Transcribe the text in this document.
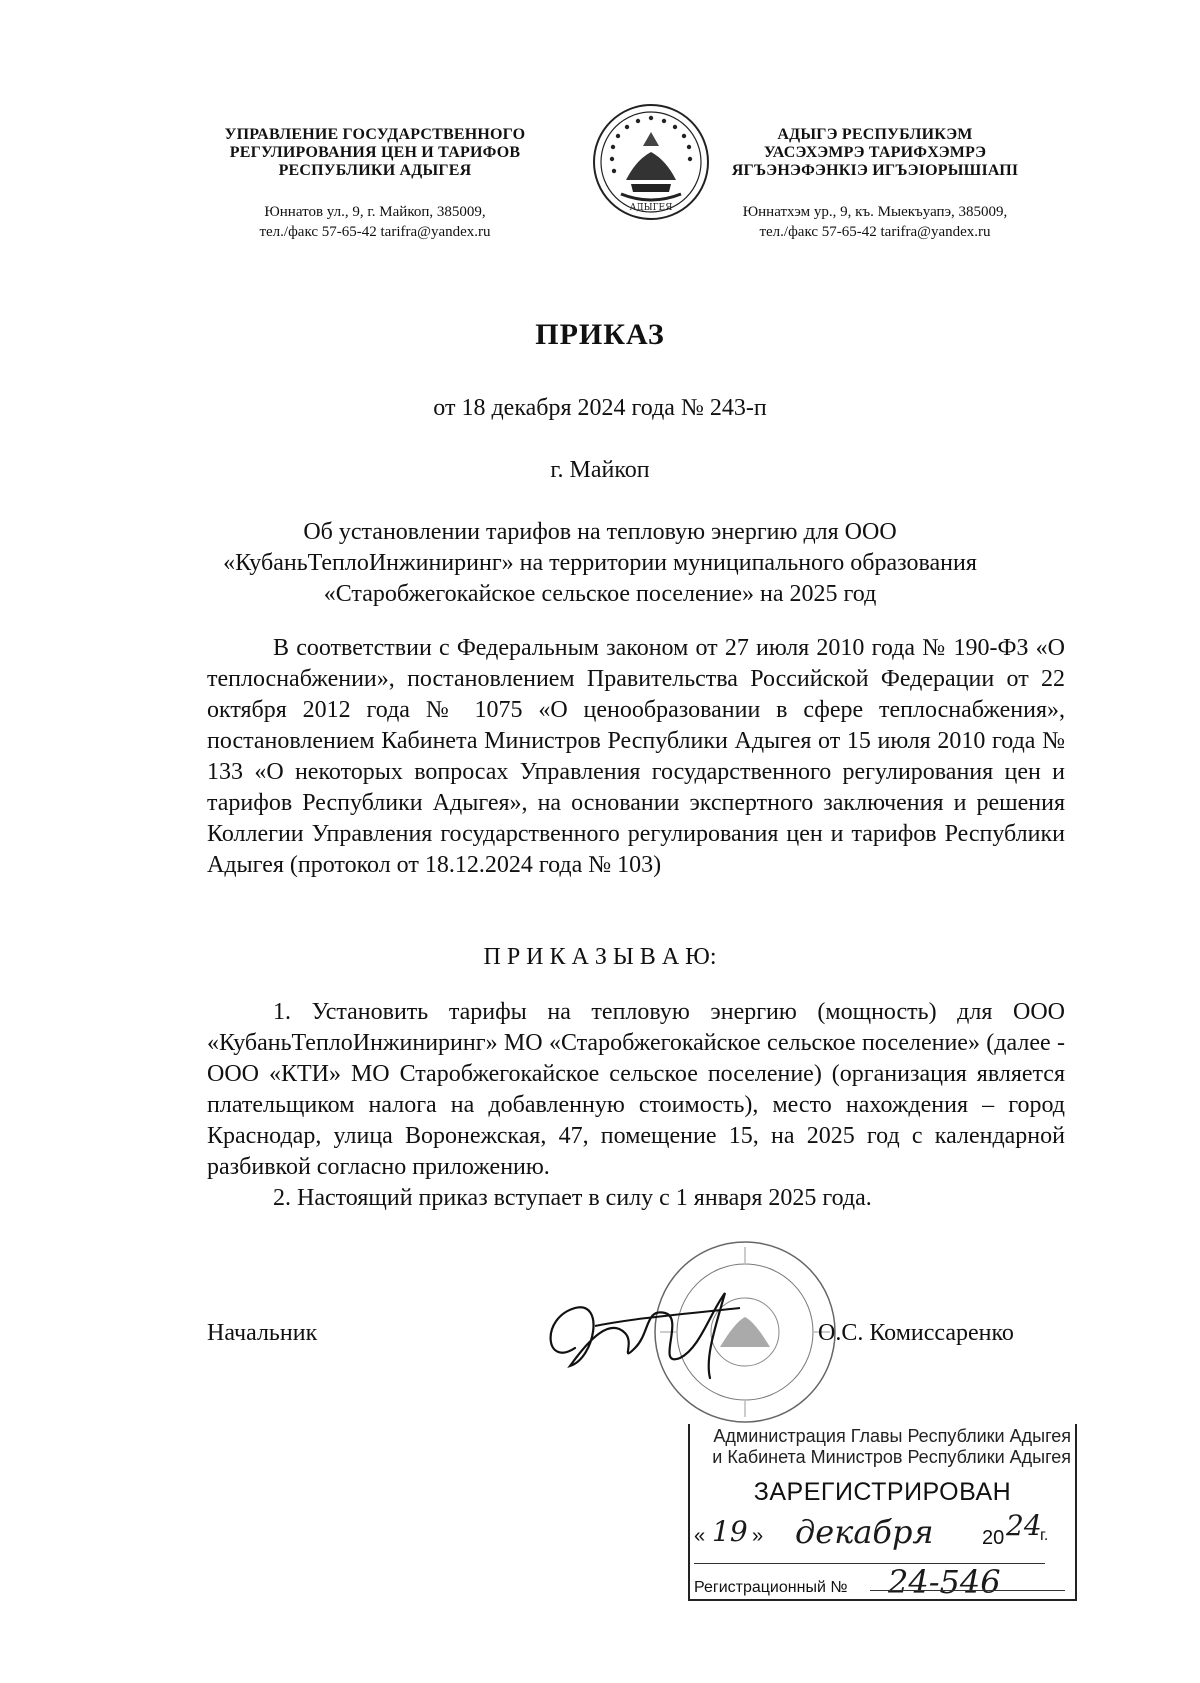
УПРАВЛЕНИЕ ГОСУДАРСТВЕННОГО
РЕГУЛИРОВАНИЯ ЦЕН И ТАРИФОВ
РЕСПУБЛИКИ АДЫГЕЯ
Юннатов ул., 9, г. Майкоп, 385009,
тел./факс 57-65-42 tarifra@yandex.ru
АДЫГЕЯ
АДЫГЭ РЕСПУБЛИКЭМ
УАСЭХЭМРЭ ТАРИФХЭМРЭ
ЯГЪЭНЭФЭНКIЭ ИГЪЭIОРЫШIАПI
Юннатхэм ур., 9, къ. Мыекъуапэ, 385009,
тел./факс 57-65-42 tarifra@yandex.ru
ПРИКАЗ
от 18 декабря 2024 года № 243-п
г. Майкоп
Об установлении тарифов на тепловую энергию для ООО
«КубаньТеплоИнжиниринг» на территории муниципального образования
«Старобжегокайское сельское поселение» на 2025 год

В соответствии с Федеральным законом от 27 июля 2010 года № 190-ФЗ «О теплоснабжении», постановлением Правительства Российской Федерации от 22 октября 2012 года № 1075 «О ценообразовании в сфере теплоснабжения», постановлением Кабинета Министров Республики Адыгея от 15 июля 2010 года № 133 «О некоторых вопросах Управления государственного регулирования цен и тарифов Республики Адыгея», на основании экспертного заключения и решения Коллегии Управления государственного регулирования цен и тарифов Республики Адыгея (протокол от 18.12.2024 года № 103)

П Р И К А З Ы В А Ю:

1. Установить тарифы на тепловую энергию (мощность) для ООО «КубаньТеплоИнжиниринг» МО «Старобжегокайское сельское поселение» (далее - ООО «КТИ» МО Старобжегокайское сельское поселение) (организация является плательщиком налога на добавленную стоимость), место нахождения – город Краснодар, улица Воронежская, 47, помещение 15, на 2025 год с календарной разбивкой согласно приложению.

2. Настоящий приказ вступает в силу с 1 января 2025 года.

Начальник	О.С. Комиссаренко
Администрация Главы Республики Адыгея
и Кабинета Министров Республики Адыгея
ЗАРЕГИСТРИРОВАН
« 19 » декабря 20 24
г.
Регистрационный № 24-546
